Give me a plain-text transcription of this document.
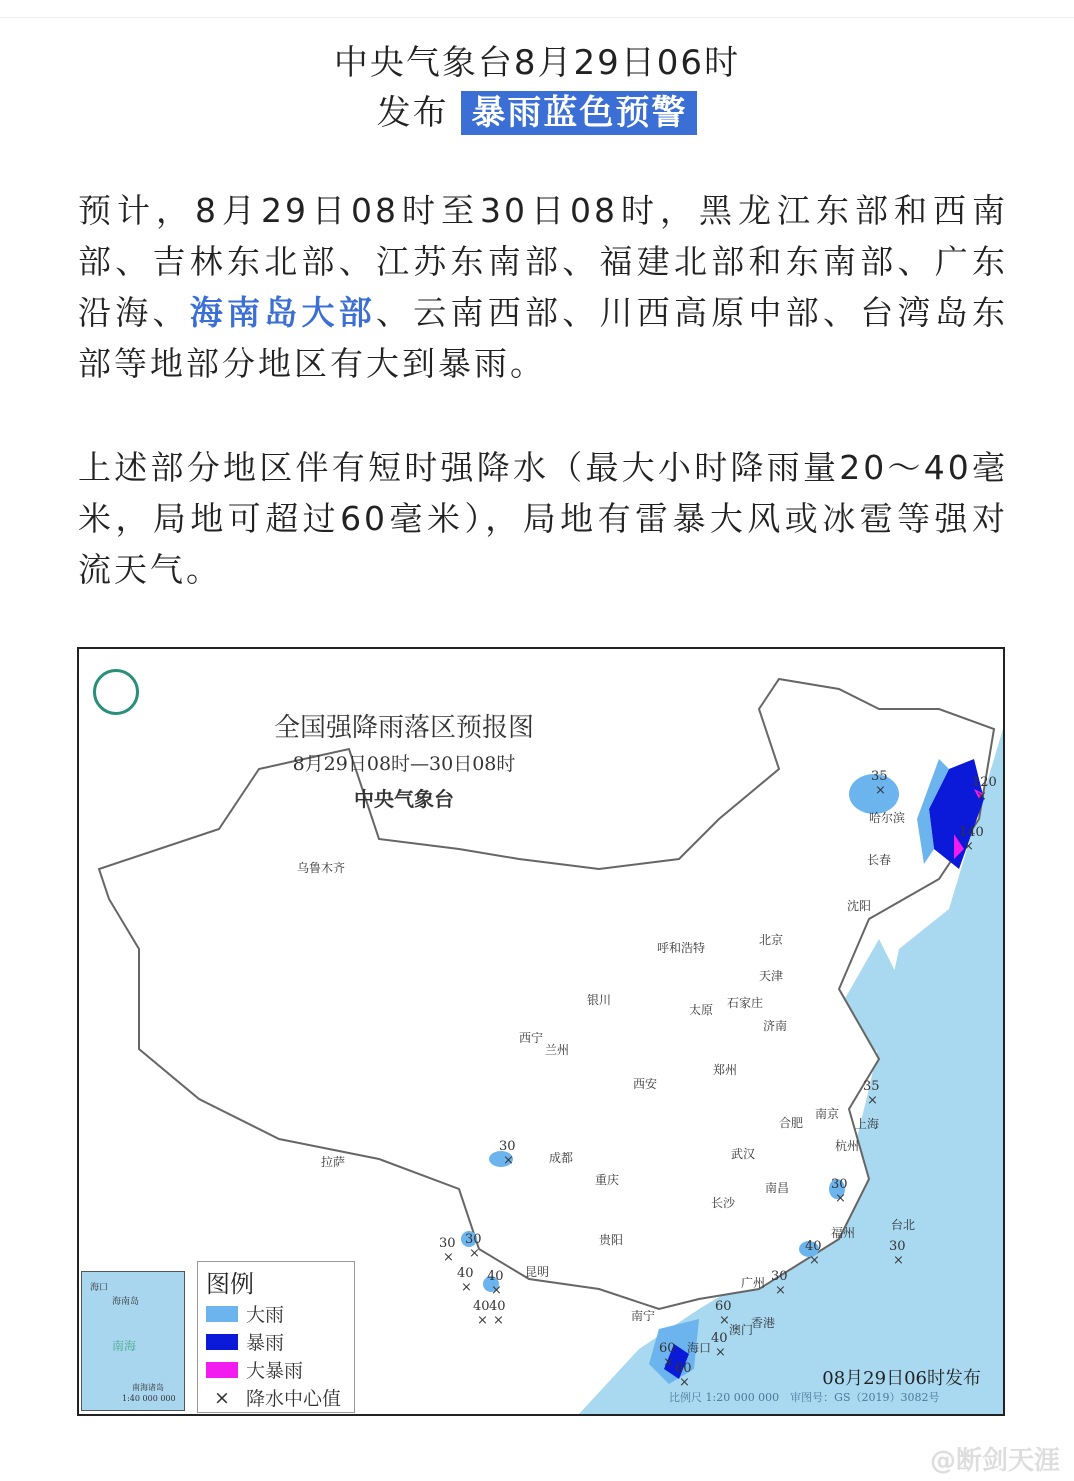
中央气象台8月29日06时
发布 暴雨蓝色预警
预计，8月29日08时至30日08时，黑龙江东部和西南部、吉林东北部、江苏东南部、福建北部和东南部、广东沿海、海南岛大部、云南西部、川西高原中部、台湾岛东部等地部分地区有大到暴雨。
上述部分地区伴有短时强降水（最大小时降雨量20～40毫米，局地可超过60毫米），局地有雷暴大风或冰雹等强对流天气。
全国强降雨落区预报图
8月29日08时—30日08时
中央气象台
乌鲁木齐
哈尔滨
长春
沈阳
北京
天津
呼和浩特
石家庄
太原
济南
银川
西宁
兰州
郑州
西安
南京
合肥	上海
杭州
武汉
成都
拉萨
重庆
长沙
南昌
福州
台北
贵阳
昆明
广州
香港
澳门
南宁
海口
35
×
120
×
140
×
35
×
30
×
30
×
30
×
40
×
40
×
40
×
40
×
30
×
40
×
30
×
60
×
40
×
60
× 60
×
30
×
海口
海南岛
南海
南海诸岛
1:40 000 000
图例
大雨
暴雨
大暴雨
× 降水中心值
08月29日06时发布
比例尺 1:20 000 000　审图号：GS（2019）3082号
@断剑天涯
